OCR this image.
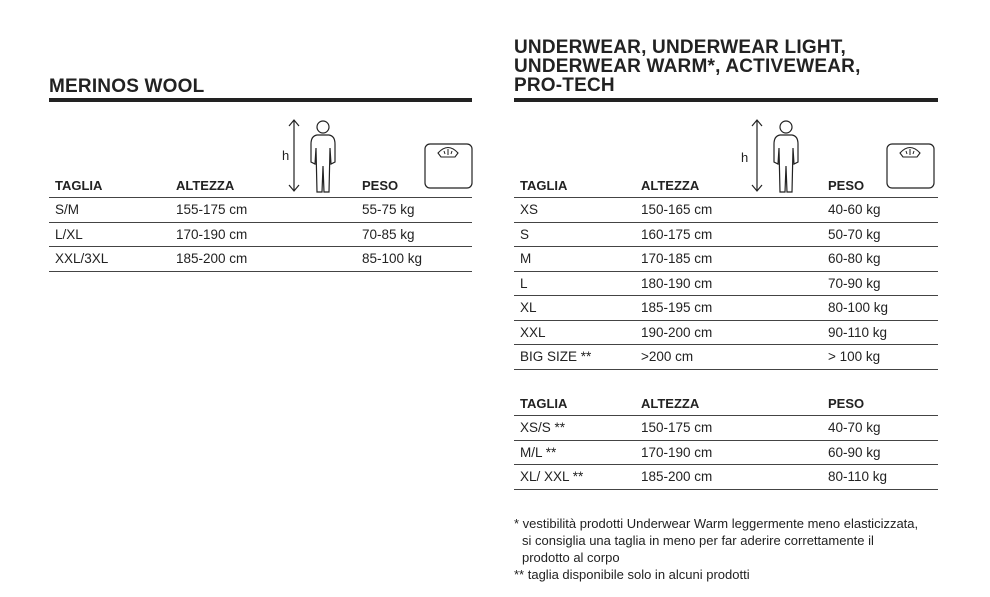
MERINOS WOOL
h
TAGLIA	ALTEZZA	PESO
S/M	155-175 cm	55-75 kg
L/XL	170-190 cm	70-85 kg
XXL/3XL	185-200 cm	85-100 kg
UNDERWEAR, UNDERWEAR LIGHT,
UNDERWEAR WARM*, ACTIVEWEAR,
PRO-TECH
h
TAGLIA	ALTEZZA	PESO
XS	150-165 cm	40-60 kg
S	160-175 cm	50-70 kg
M	170-185 cm	60-80 kg
L	180-190 cm	70-90 kg
XL	185-195 cm	80-100 kg
XXL	190-200 cm	90-110 kg
BIG SIZE **	>200 cm	> 100 kg
TAGLIA	ALTEZZA	PESO
XS/S **	150-175 cm	40-70 kg
M/L **	170-190 cm	60-90 kg
XL/ XXL **	185-200 cm	80-110 kg
* vestibilità prodotti Underwear Warm leggermente meno elasticizzata,
si consiglia una taglia in meno per far aderire correttamente il
prodotto al corpo
** taglia disponibile solo in alcuni prodotti
